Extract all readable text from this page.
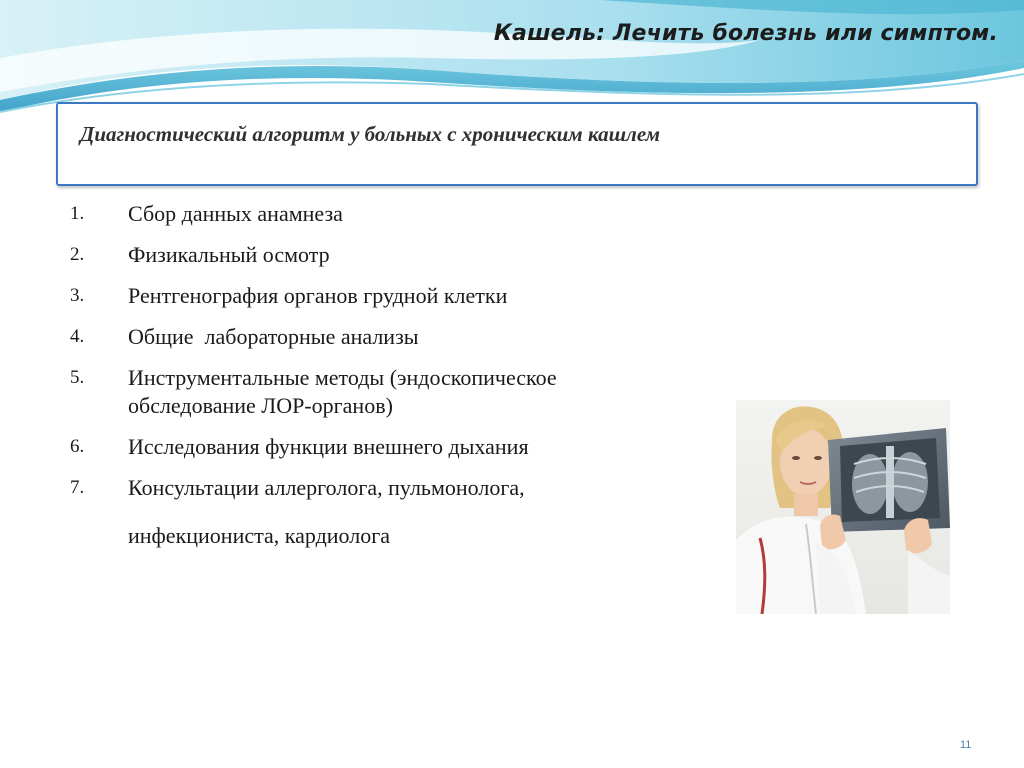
Кашель: Лечить болезнь или симптом.
Диагностический алгоритм у больных с хроническим кашлем
1. Сбор данных анамнеза
2. Физикальный осмотр
3. Рентгенография органов грудной клетки
4. Общие  лабораторные анализы
5. Инструментальные методы (эндоскопическое обследование ЛОР-органов)
6. Исследования функции внешнего дыхания
7. Консультации аллерголога, пульмонолога,
инфекциониста, кардиолога
11
